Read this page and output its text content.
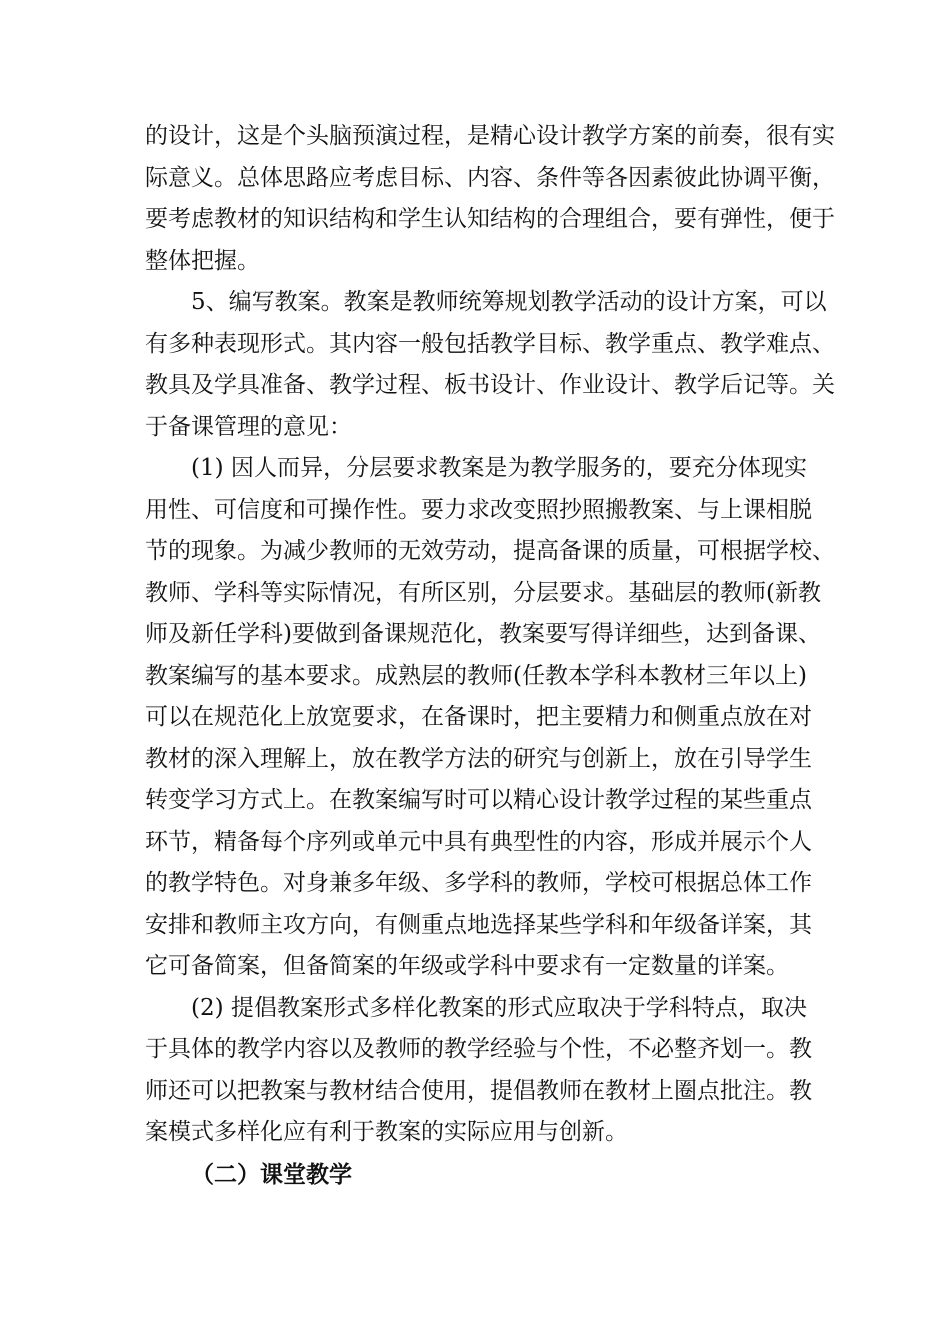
的设计，这是个头脑预演过程，是精心设计教学方案的前奏，很有实
际意义。总体思路应考虑目标、内容、条件等各因素彼此协调平衡，
要考虑教材的知识结构和学生认知结构的合理组合，要有弹性，便于
整体把握。
5、编写教案。教案是教师统筹规划教学活动的设计方案，可以
有多种表现形式。其内容一般包括教学目标、教学重点、教学难点、
教具及学具准备、教学过程、板书设计、作业设计、教学后记等。关
于备课管理的意见：
(1) 因人而异，分层要求教案是为教学服务的，要充分体现实
用性、可信度和可操作性。要力求改变照抄照搬教案、与上课相脱
节的现象。为减少教师的无效劳动，提高备课的质量，可根据学校、
教师、学科等实际情况，有所区别，分层要求。基础层的教师(新教
师及新任学科)要做到备课规范化，教案要写得详细些，达到备课、
教案编写的基本要求。成熟层的教师(任教本学科本教材三年以上)
可以在规范化上放宽要求，在备课时，把主要精力和侧重点放在对
教材的深入理解上，放在教学方法的研究与创新上，放在引导学生
转变学习方式上。在教案编写时可以精心设计教学过程的某些重点
环节，精备每个序列或单元中具有典型性的内容，形成并展示个人
的教学特色。对身兼多年级、多学科的教师，学校可根据总体工作
安排和教师主攻方向，有侧重点地选择某些学科和年级备详案，其
它可备简案，但备简案的年级或学科中要求有一定数量的详案。
(2) 提倡教案形式多样化教案的形式应取决于学科特点，取决
于具体的教学内容以及教师的教学经验与个性，不必整齐划一。教
师还可以把教案与教材结合使用，提倡教师在教材上圈点批注。教
案模式多样化应有利于教案的实际应用与创新。
（二）课堂教学
